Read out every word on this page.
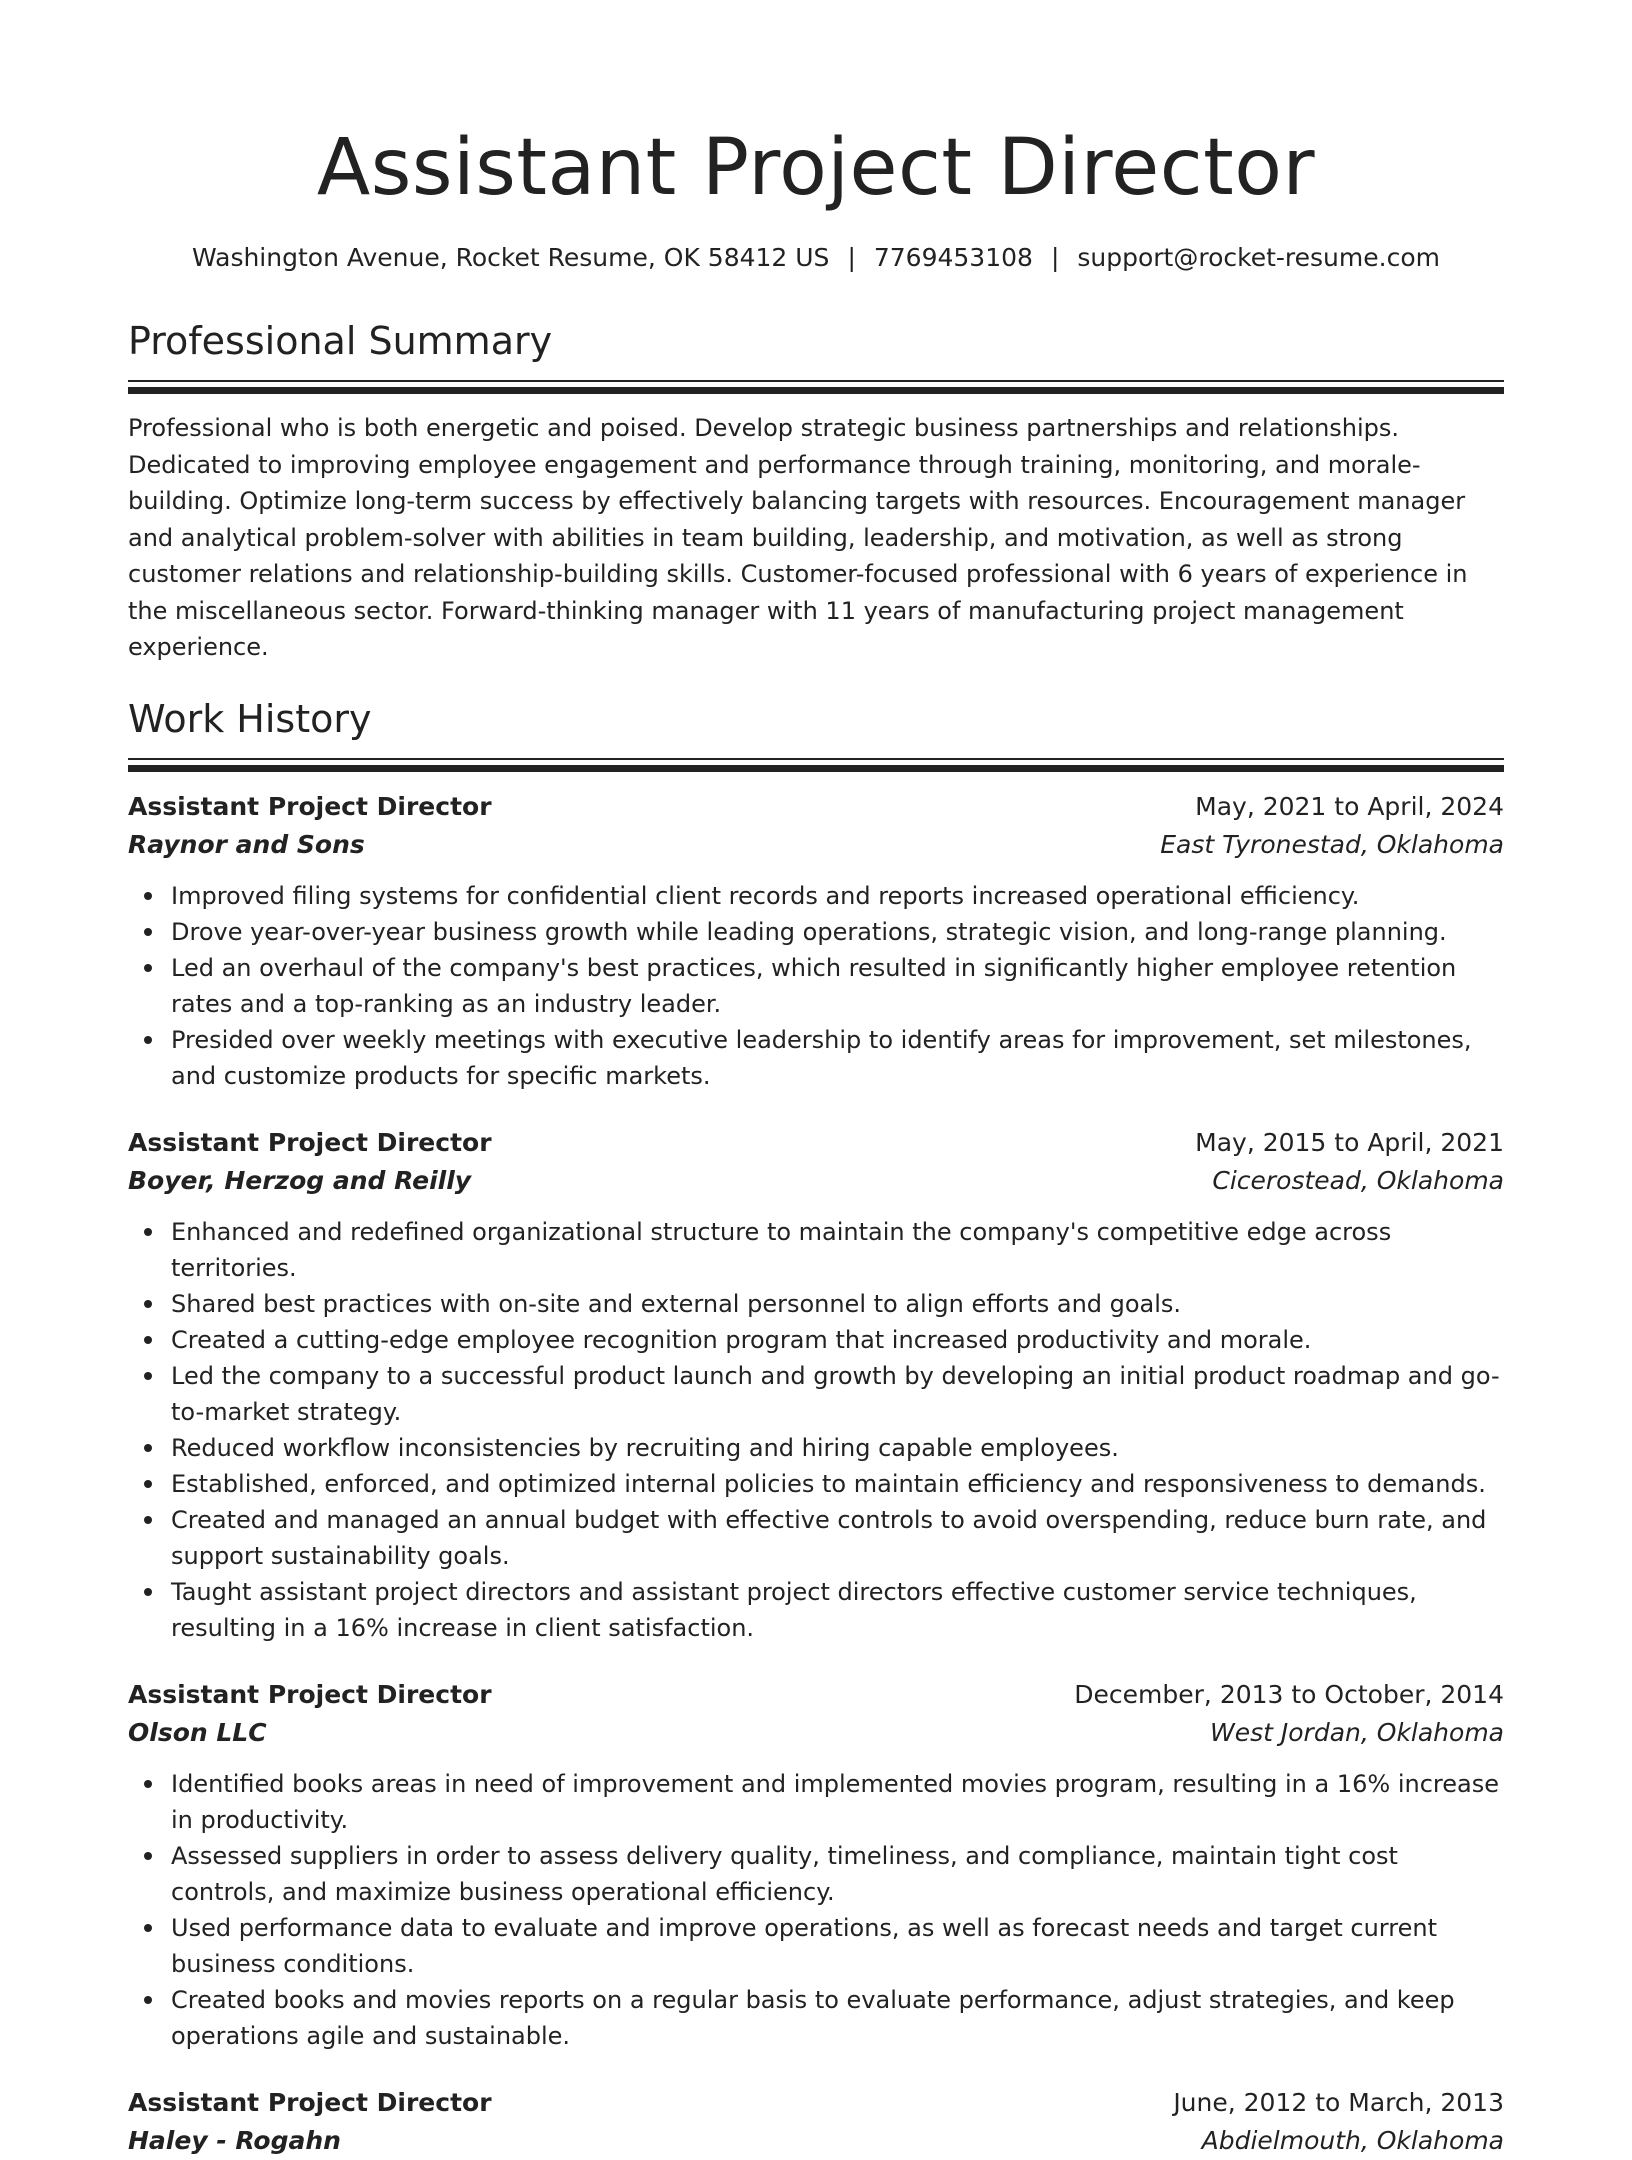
Assistant Project Director
Washington Avenue, Rocket Resume, OK 58412 US | 7769453108 | support@rocket-resume.com
Professional Summary
Professional who is both energetic and poised. Develop strategic business partnerships and relationships. Dedicated to improving employee engagement and performance through training, monitoring, and morale-building. Optimize long-term success by effectively balancing targets with resources. Encouragement manager and analytical problem-solver with abilities in team building, leadership, and motivation, as well as strong customer relations and relationship-building skills. Customer-focused professional with 6 years of experience in the miscellaneous sector. Forward-thinking manager with 11 years of manufacturing project management experience.
Work History
Assistant Project Director	May, 2021 to April, 2024
Raynor and Sons	East Tyronestad, Oklahoma
Improved filing systems for confidential client records and reports increased operational efficiency.
Drove year-over-year business growth while leading operations, strategic vision, and long-range planning.
Led an overhaul of the company's best practices, which resulted in significantly higher employee retention rates and a top-ranking as an industry leader.
Presided over weekly meetings with executive leadership to identify areas for improvement, set milestones, and customize products for specific markets.
Assistant Project Director	May, 2015 to April, 2021
Boyer, Herzog and Reilly	Cicerostead, Oklahoma
Enhanced and redefined organizational structure to maintain the company's competitive edge across territories.
Shared best practices with on-site and external personnel to align efforts and goals.
Created a cutting-edge employee recognition program that increased productivity and morale.
Led the company to a successful product launch and growth by developing an initial product roadmap and go-to-market strategy.
Reduced workflow inconsistencies by recruiting and hiring capable employees.
Established, enforced, and optimized internal policies to maintain efficiency and responsiveness to demands.
Created and managed an annual budget with effective controls to avoid overspending, reduce burn rate, and support sustainability goals.
Taught assistant project directors and assistant project directors effective customer service techniques, resulting in a 16% increase in client satisfaction.
Assistant Project Director	December, 2013 to October, 2014
Olson LLC	West Jordan, Oklahoma
Identified books areas in need of improvement and implemented movies program, resulting in a 16% increase in productivity.
Assessed suppliers in order to assess delivery quality, timeliness, and compliance, maintain tight cost controls, and maximize business operational efficiency.
Used performance data to evaluate and improve operations, as well as forecast needs and target current business conditions.
Created books and movies reports on a regular basis to evaluate performance, adjust strategies, and keep operations agile and sustainable.
Assistant Project Director	June, 2012 to March, 2013
Haley - Rogahn	Abdielmouth, Oklahoma
